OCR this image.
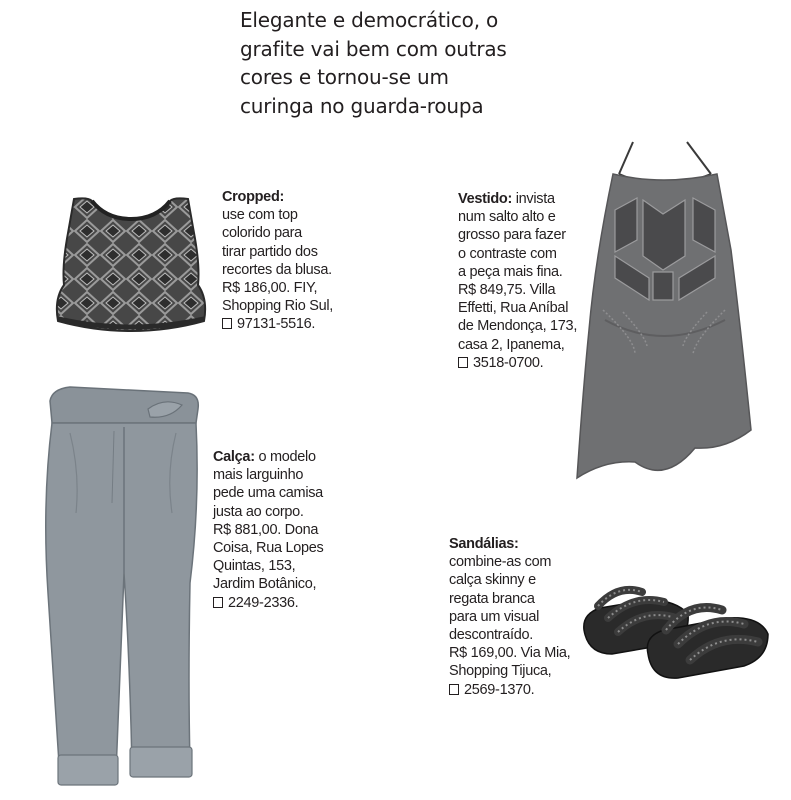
Elegante e democrático, o
grafite vai bem com outras
cores e tornou-se um
curinga no guarda-roupa
Cropped:
use com top
colorido para
tirar partido dos
recortes da blusa.
R$ 186,00. FIY,
Shopping Rio Sul,
97131-5516.
Vestido: invista
num salto alto e
grosso para fazer
o contraste com
a peça mais fina.
R$ 849,75. Villa
Effetti, Rua Aníbal
de Mendonça, 173,
casa 2, Ipanema,
3518-0700.
Calça: o modelo
mais larguinho
pede uma camisa
justa ao corpo.
R$ 881,00. Dona
Coisa, Rua Lopes
Quintas, 153,
Jardim Botânico,
2249-2336.
Sandálias:
combine-as com
calça skinny e
regata branca
para um visual
descontraído.
R$ 169,00. Via Mia,
Shopping Tijuca,
2569-1370.
